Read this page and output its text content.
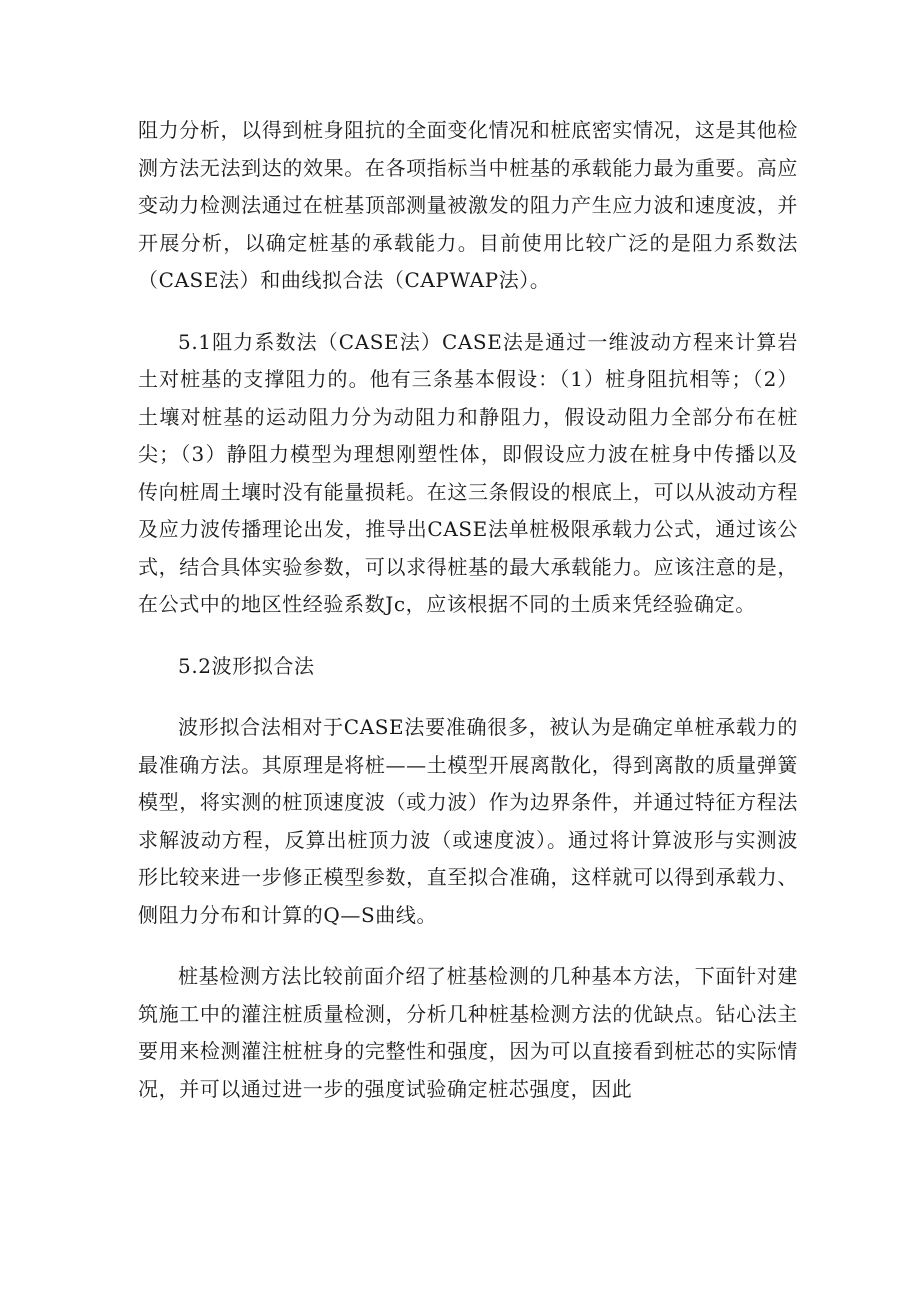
阻力分析，以得到桩身阻抗的全面变化情况和桩底密实情况，这是其他检测方法无法到达的效果。在各项指标当中桩基的承载能力最为重要。高应变动力检测法通过在桩基顶部测量被激发的阻力产生应力波和速度波，并开展分析，以确定桩基的承载能力。目前使用比较广泛的是阻力系数法（CASE法）和曲线拟合法（CAPWAP法）。

5.1阻力系数法（CASE法）CASE法是通过一维波动方程来计算岩土对桩基的支撑阻力的。他有三条基本假设：（1）桩身阻抗相等；（2）土壤对桩基的运动阻力分为动阻力和静阻力，假设动阻力全部分布在桩尖；（3）静阻力模型为理想刚塑性体，即假设应力波在桩身中传播以及传向桩周土壤时没有能量损耗。在这三条假设的根底上，可以从波动方程及应力波传播理论出发，推导出CASE法单桩极限承载力公式，通过该公式，结合具体实验参数，可以求得桩基的最大承载能力。应该注意的是，在公式中的地区性经验系数Jc，应该根据不同的土质来凭经验确定。

5.2波形拟合法

波形拟合法相对于CASE法要准确很多，被认为是确定单桩承载力的最准确方法。其原理是将桩——土模型开展离散化，得到离散的质量弹簧模型，将实测的桩顶速度波（或力波）作为边界条件，并通过特征方程法求解波动方程，反算出桩顶力波（或速度波）。通过将计算波形与实测波形比较来进一步修正模型参数，直至拟合准确，这样就可以得到承载力、侧阻力分布和计算的Q—S曲线。

桩基检测方法比较前面介绍了桩基检测的几种基本方法，下面针对建筑施工中的灌注桩质量检测，分析几种桩基检测方法的优缺点。钻心法主要用来检测灌注桩桩身的完整性和强度，因为可以直接看到桩芯的实际情况，并可以通过进一步的强度试验确定桩芯强度，因此
